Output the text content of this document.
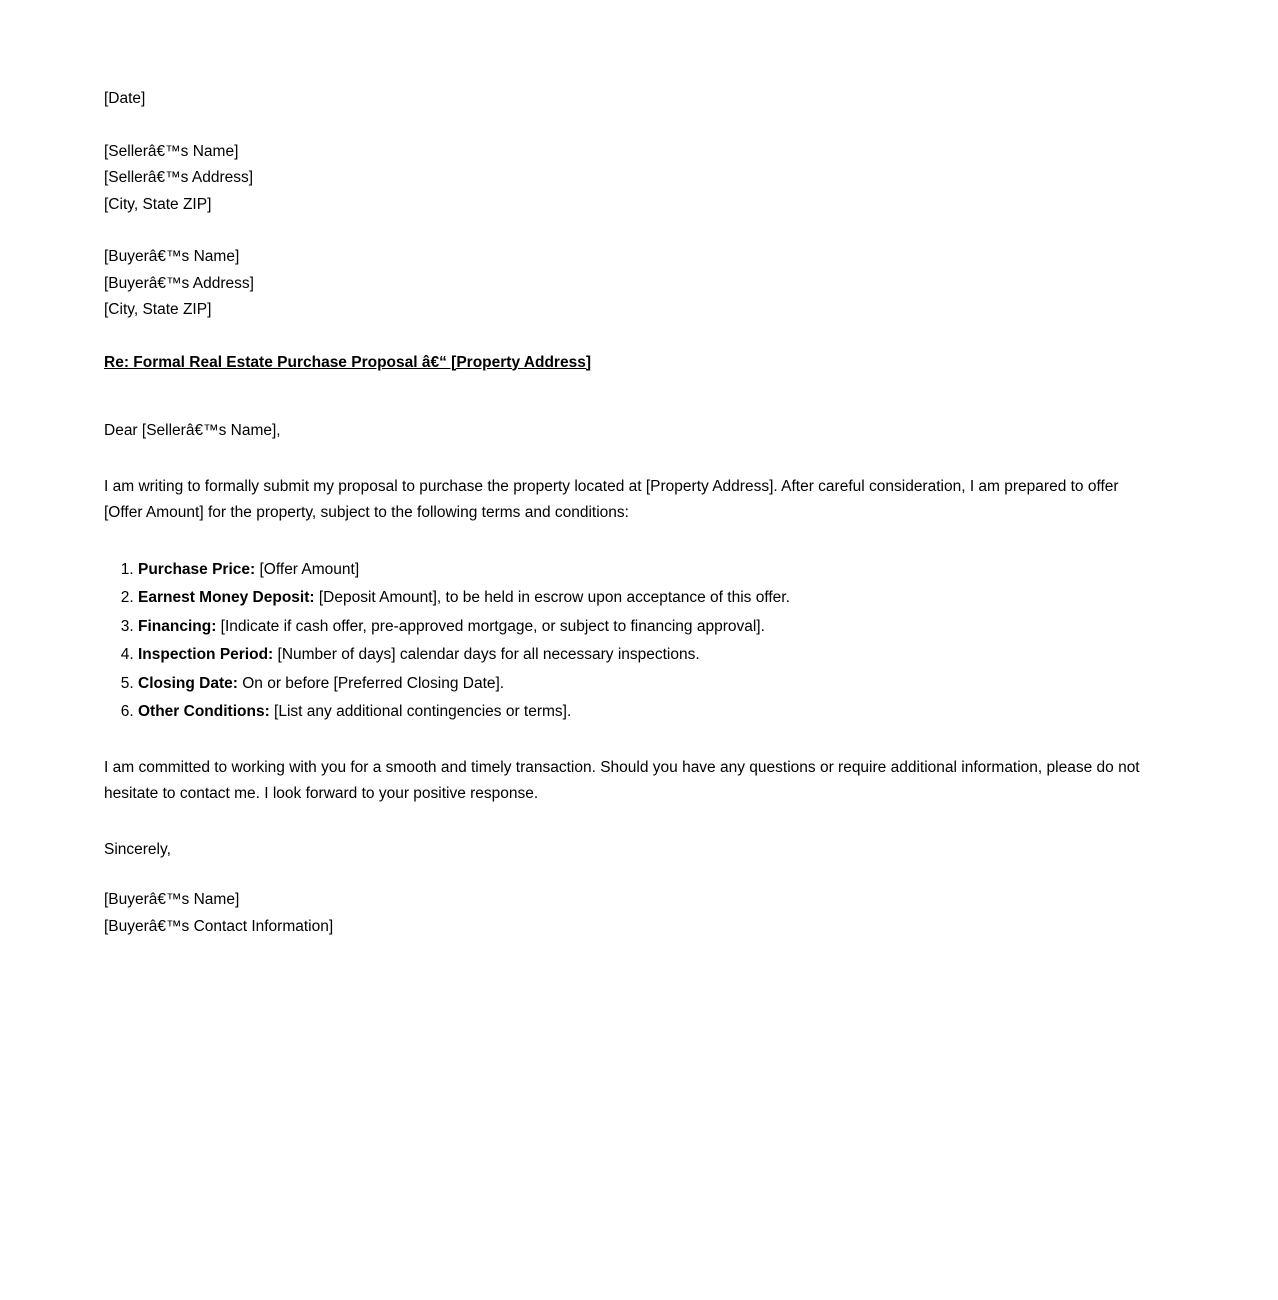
[Date]
[Sellerâ€™s Name]
[Sellerâ€™s Address]
[City, State ZIP]
[Buyerâ€™s Name]
[Buyerâ€™s Address]
[City, State ZIP]
Re: Formal Real Estate Purchase Proposal â€“ [Property Address]
Dear [Sellerâ€™s Name],
I am writing to formally submit my proposal to purchase the property located at [Property Address]. After careful consideration, I am prepared to offer [Offer Amount] for the property, subject to the following terms and conditions:
1. Purchase Price: [Offer Amount]
2. Earnest Money Deposit: [Deposit Amount], to be held in escrow upon acceptance of this offer.
3. Financing: [Indicate if cash offer, pre-approved mortgage, or subject to financing approval].
4. Inspection Period: [Number of days] calendar days for all necessary inspections.
5. Closing Date: On or before [Preferred Closing Date].
6. Other Conditions: [List any additional contingencies or terms].
I am committed to working with you for a smooth and timely transaction. Should you have any questions or require additional information, please do not hesitate to contact me. I look forward to your positive response.
Sincerely,
[Buyerâ€™s Name]
[Buyerâ€™s Contact Information]
